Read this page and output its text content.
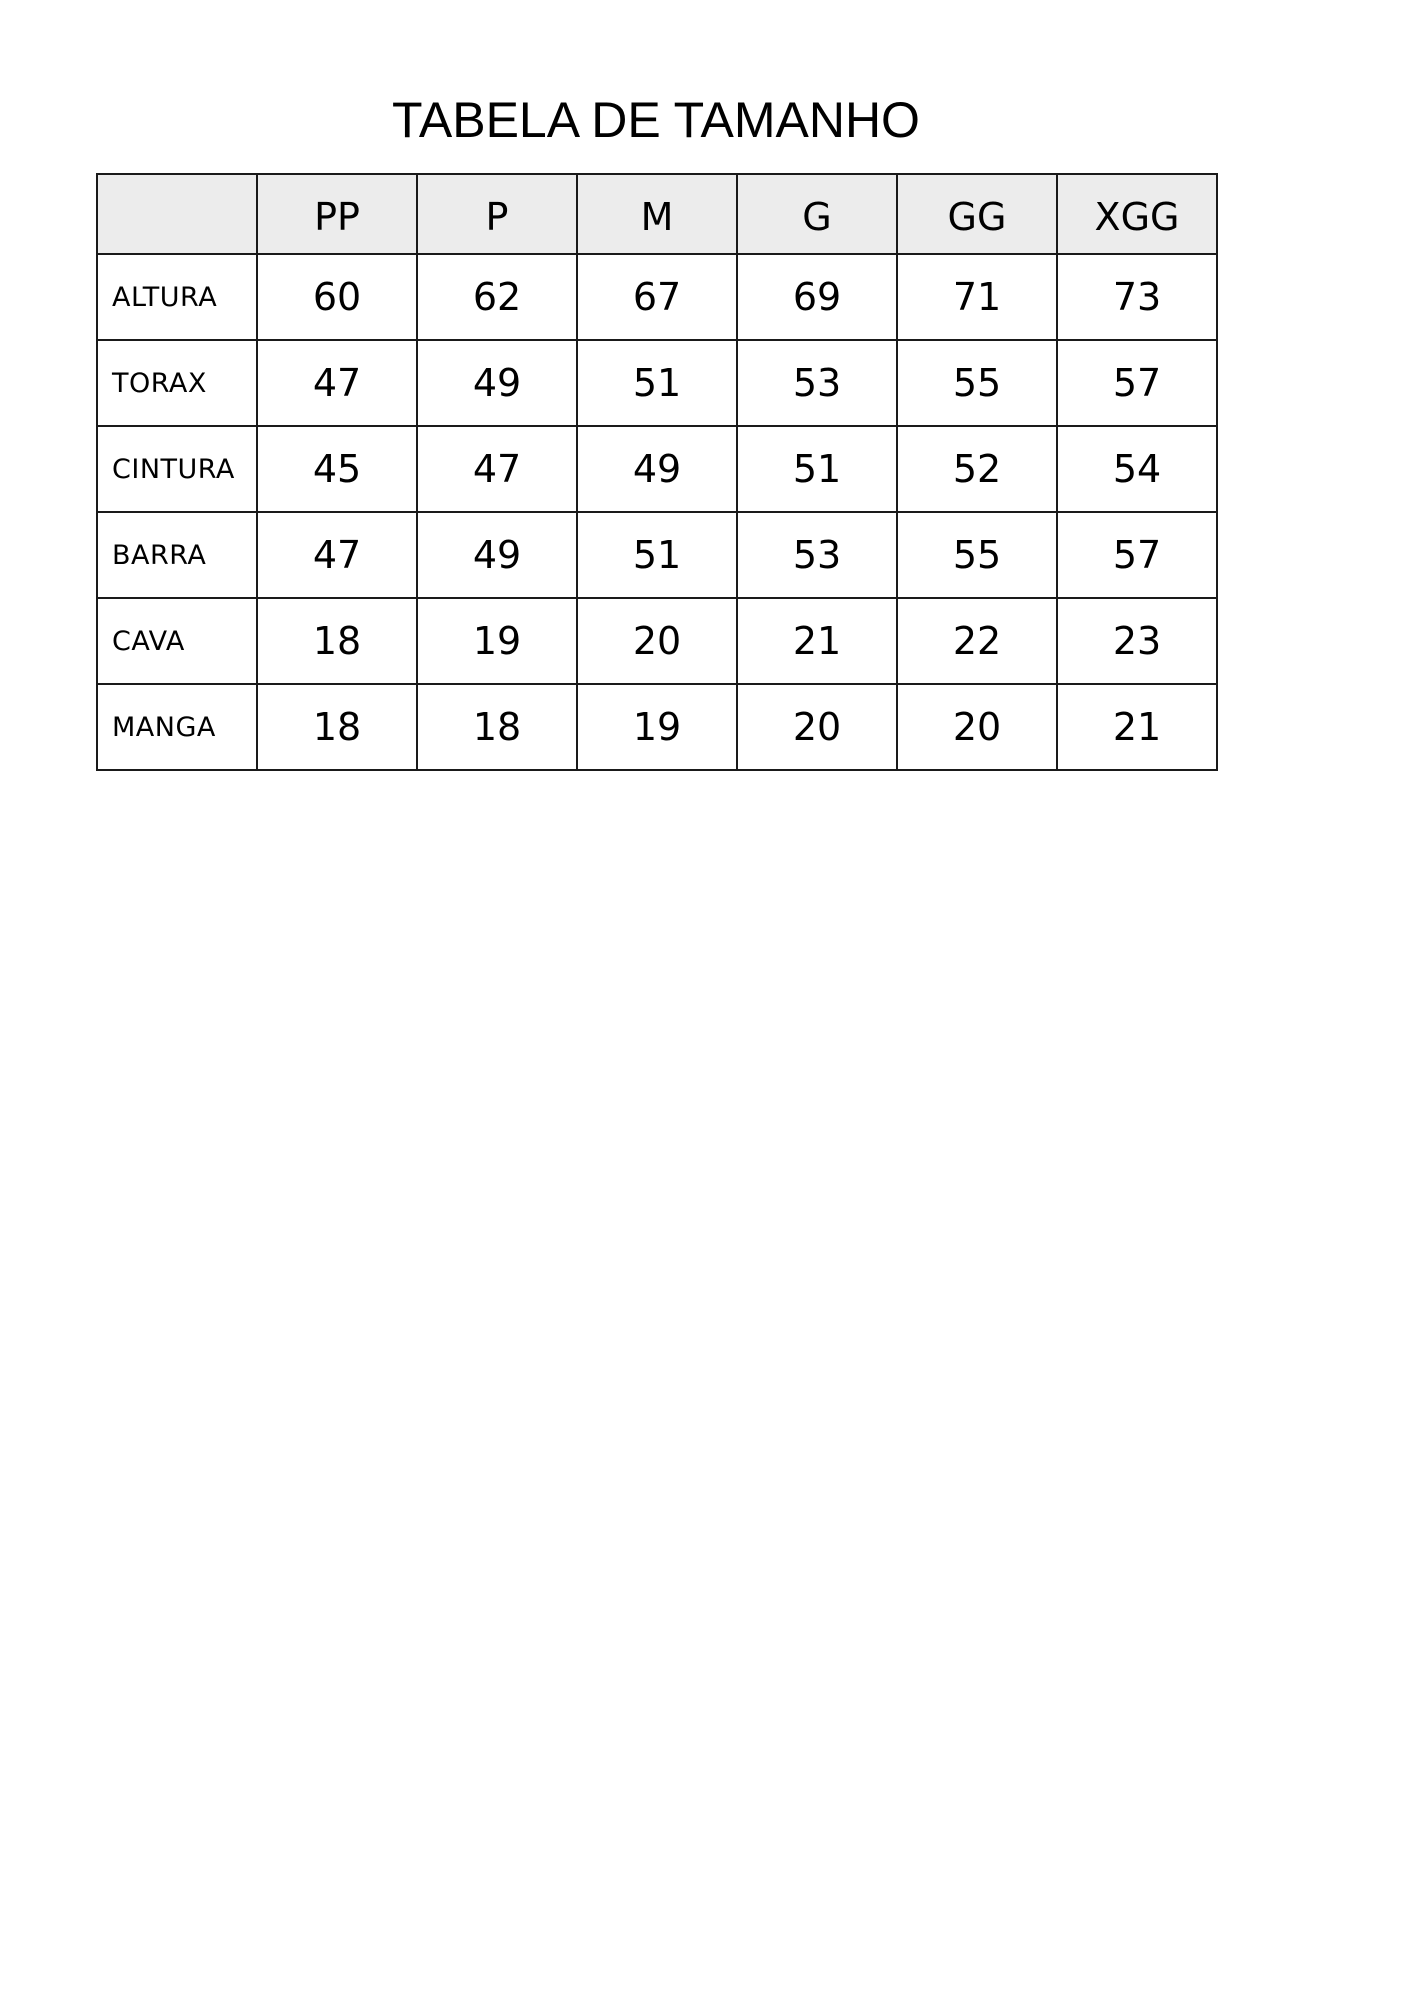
TABELA DE TAMANHO
	PP	P	M	G	GG	XGG
ALTURA	60	62	67	69	71	73
TORAX	47	49	51	53	55	57
CINTURA	45	47	49	51	52	54
BARRA	47	49	51	53	55	57
CAVA	18	19	20	21	22	23
MANGA	18	18	19	20	20	21
